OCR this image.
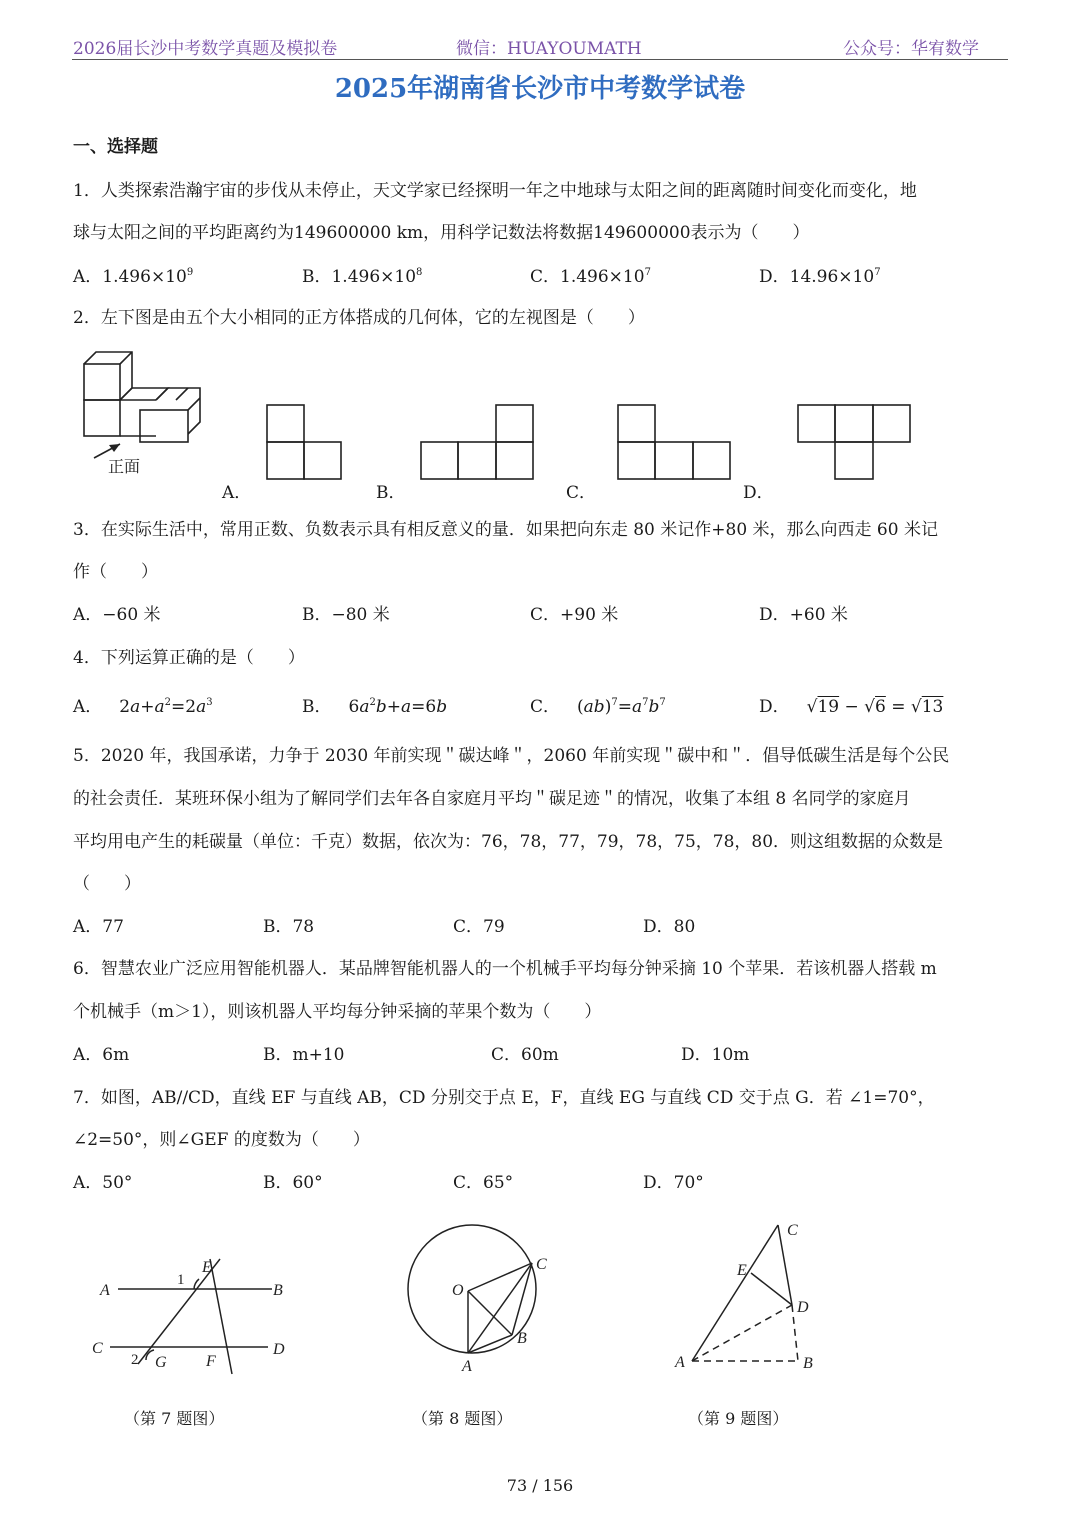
2026届长沙中考数学真题及模拟卷	微信：HUAYOUMATH	公众号：华宥数学
2025年湖南省长沙市中考数学试卷
一、选择题
1．人类探索浩瀚宇宙的步伐从未停止，天文学家已经探明一年之中地球与太阳之间的距离随时间变化而变化，地
球与太阳之间的平均距离约为149600000 km，用科学记数法将数据149600000表示为（　　）
A．$1.496\times 10^9$	B．$1.496\times 10^8$	C．$1.496\times 10^7$	D．$14.96\times 10^7$
2．左下图是由五个大小相同的正方体搭成的几何体，它的左视图是（　　）
正面
A．	B．	C．	D．
3．在实际生活中，常用正数、负数表示具有相反意义的量．如果把向东走 80 米记作+80 米，那么向西走 60 米记
作（　　）
A．−60 米	B．−80 米	C．+90 米	D．+60 米
4．下列运算正确的是（　　）
A． $2a+a^2=2a^3$	B． $6a^2b+a=6b$	C． $(ab)^7=a^7b^7$	D． √19 − √6 = √13
5．2020 年，我国承诺，力争于 2030 年前实现＂碳达峰＂，2060 年前实现＂碳中和＂．倡导低碳生活是每个公民
的社会责任．某班环保小组为了解同学们去年各自家庭月平均＂碳足迹＂的情况，收集了本组 8 名同学的家庭月
平均用电产生的耗碳量（单位：千克）数据，依次为：76，78，77，79，78，75，78，80．则这组数据的众数是
（　　）
A．77	B．78	C．79	D．80
6．智慧农业广泛应用智能机器人．某品牌智能机器人的一个机械手平均每分钟采摘 10 个苹果．若该机器人搭载 m
个机械手（m＞1），则该机器人平均每分钟采摘的苹果个数为（　　）
A．6m	B．m+10	C．60m	D．10m
7．如图，AB//CD，直线 EF 与直线 AB，CD 分别交于点 E，F，直线 EG 与直线 CD 交于点 G．若 ∠1=70°，
∠2=50°，则∠GEF 的度数为（　　）
A．50°	B．60°	C．65°	D．70°
A	B
C	D
E
F
G
1
2
O
C
B
A
C
E
D
A	B
（第 7 题图）	（第 8 题图）	（第 9 题图）
73 / 156
